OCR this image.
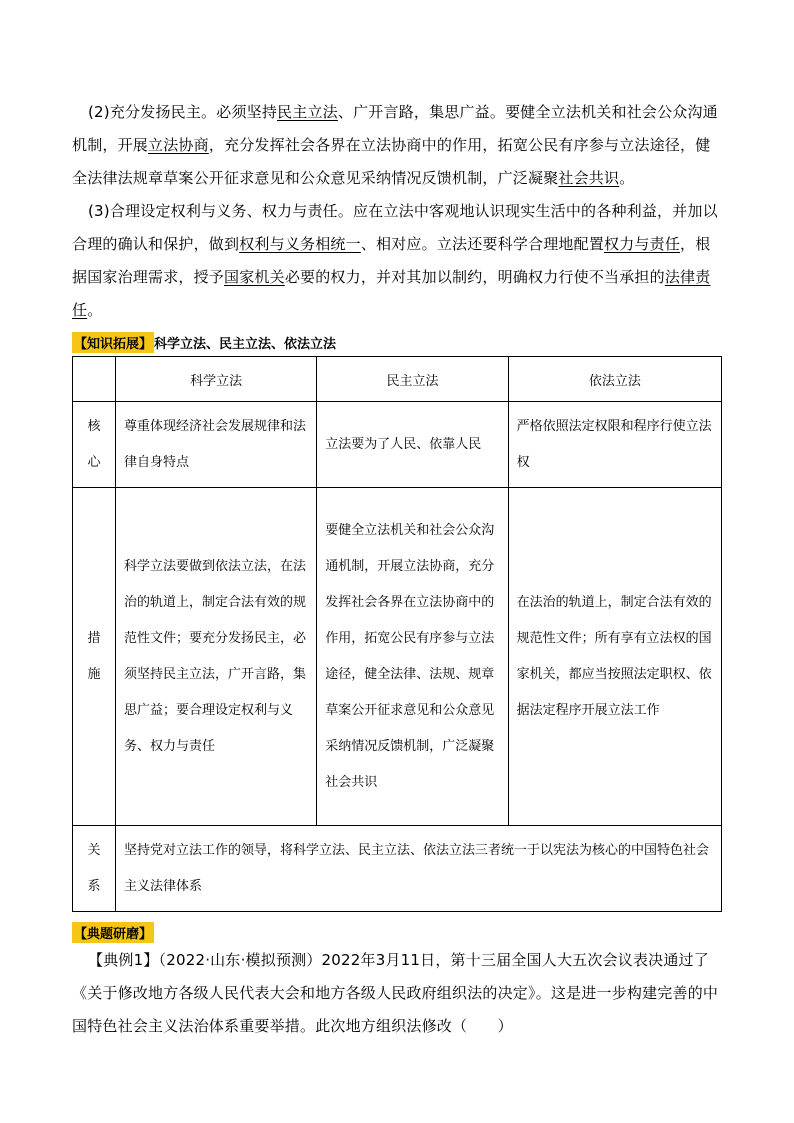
(2)充分发扬民主。必须坚持民主立法、广开言路，集思广益。要健全立法机关和社会公众沟通机制，开展立法协商，充分发挥社会各界在立法协商中的作用，拓宽公民有序参与立法途径，健全法律法规章草案公开征求意见和公众意见采纳情况反馈机制，广泛凝聚社会共识。

(3)合理设定权利与义务、权力与责任。应在立法中客观地认识现实生活中的各种利益，并加以合理的确认和保护，做到权利与义务相统一、相对应。立法还要科学合理地配置权力与责任，根据国家治理需求，授予国家机关必要的权力，并对其加以制约，明确权力行使不当承担的法律责任。

【知识拓展】 科学立法、民主立法、依法立法
	科学立法	民主立法	依法立法
核心	尊重体现经济社会发展规律和法律自身特点	立法要为了人民、依靠人民	严格依照法定权限和程序行使立法权
措施	科学立法要做到依法立法，在法治的轨道上，制定合法有效的规范性文件；要充分发扬民主，必须坚持民主立法，广开言路，集思广益；要合理设定权利与义务、权力与责任	要健全立法机关和社会公众沟通机制，开展立法协商，充分发挥社会各界在立法协商中的作用，拓宽公民有序参与立法途径，健全法律、法规、规章草案公开征求意见和公众意见采纳情况反馈机制，广泛凝聚社会共识	在法治的轨道上，制定合法有效的规范性文件；所有享有立法权的国家机关，都应当按照法定职权、依据法定程序开展立法工作
关系	坚持党对立法工作的领导，将科学立法、民主立法、依法立法三者统一于以宪法为核心的中国特色社会主义法律体系		
【典题研磨】

【典例1】（2022·山东·模拟预测）2022年3月11日，第十三届全国人大五次会议表决通过了《关于修改地方各级人民代表大会和地方各级人民政府组织法的决定》。这是进一步构建完善的中国特色社会主义法治体系重要举措。此次地方组织法修改（　　）
